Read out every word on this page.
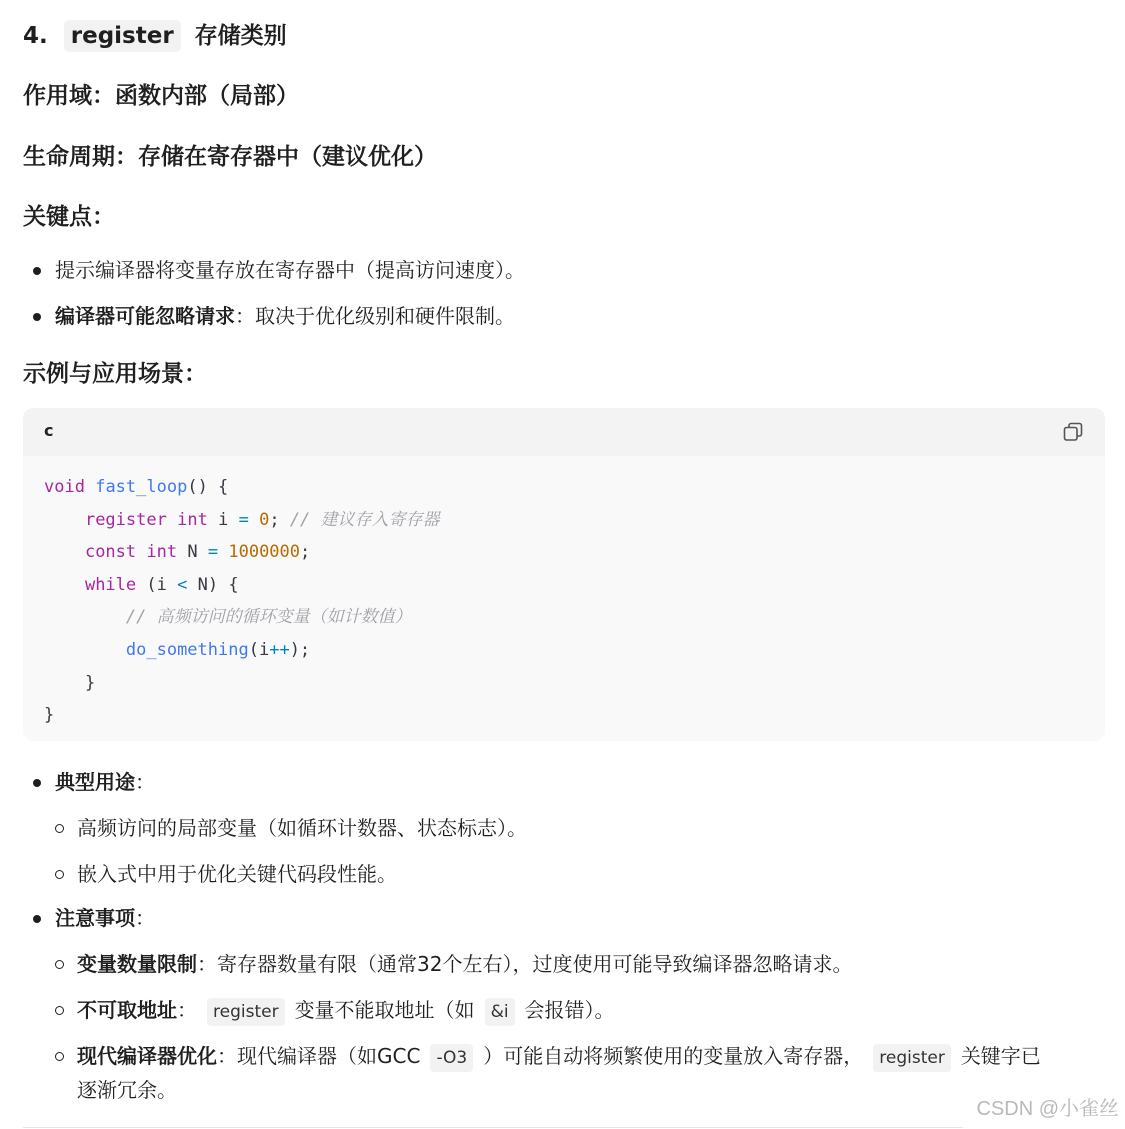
4. register 存储类别
作用域：函数内部（局部）
生命周期：存储在寄存器中（建议优化）
关键点：
提示编译器将变量存放在寄存器中（提高访问速度）。
编译器可能忽略请求：取决于优化级别和硬件限制。
示例与应用场景：
c
void fast_loop() {
register int i = 0; // 建议存入寄存器
const int N = 1000000;
while (i < N) {
// 高频访问的循环变量（如计数值）
do_something(i++);
}
}
典型用途：
高频访问的局部变量（如循环计数器、状态标志）。
嵌入式中用于优化关键代码段性能。
注意事项：
变量数量限制：寄存器数量有限（通常32个左右），过度使用可能导致编译器忽略请求。
不可取地址： register 变量不能取地址（如 &i 会报错）。
现代编译器优化：现代编译器（如GCC -O3 ）可能自动将频繁使用的变量放入寄存器， register 关键字已
逐渐冗余。
CSDN @小雀丝
